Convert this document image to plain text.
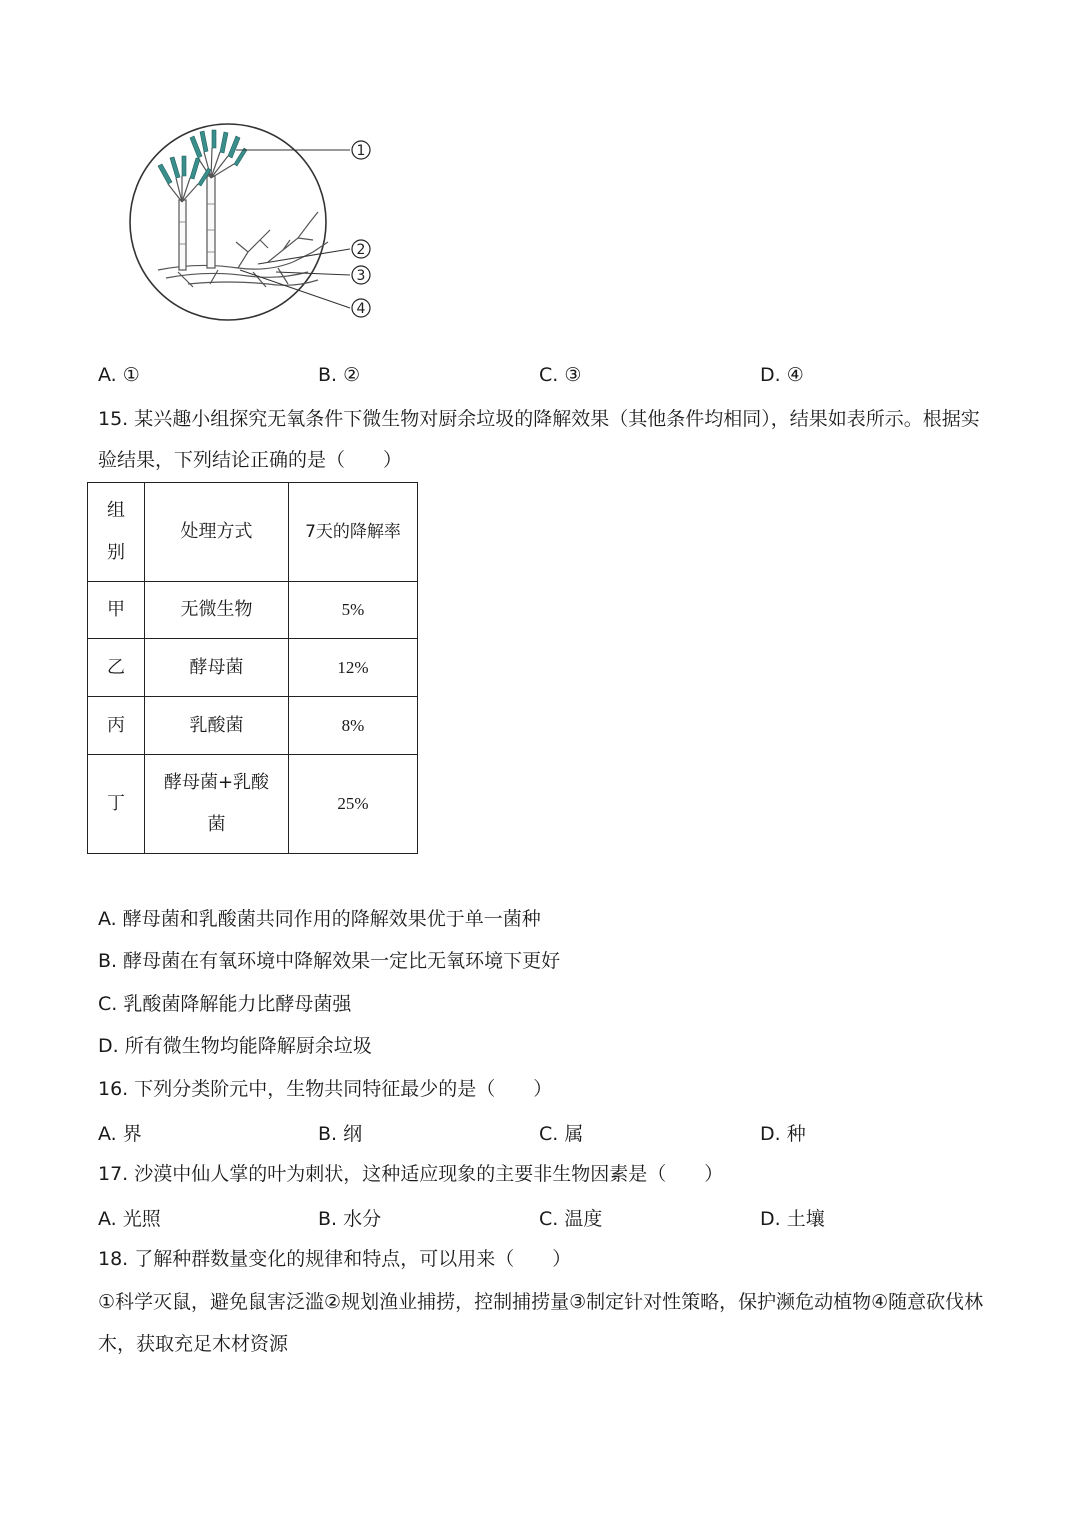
1
2
3
4
A. ①	B. ②	C. ③	D. ④
15. 某兴趣小组探究无氧条件下微生物对厨余垃圾的降解效果（其他条件均相同），结果如表所示。根据实
验结果，下列结论正确的是（　　）
组别	处理方式	7天的降解率
甲	无微生物	5%
乙	酵母菌	12%
丙	乳酸菌	8%
丁	酵母菌+乳酸菌	25%
A. 酵母菌和乳酸菌共同作用的降解效果优于单一菌种
B. 酵母菌在有氧环境中降解效果一定比无氧环境下更好
C. 乳酸菌降解能力比酵母菌强
D. 所有微生物均能降解厨余垃圾
16. 下列分类阶元中，生物共同特征最少的是（　　）
A. 界	B. 纲	C. 属	D. 种
17. 沙漠中仙人掌的叶为刺状，这种适应现象的主要非生物因素是（　　）
A. 光照	B. 水分	C. 温度	D. 土壤
18. 了解种群数量变化的规律和特点，可以用来（　　）
①科学灭鼠，避免鼠害泛滥②规划渔业捕捞，控制捕捞量③制定针对性策略，保护濒危动植物④随意砍伐林
木，获取充足木材资源
